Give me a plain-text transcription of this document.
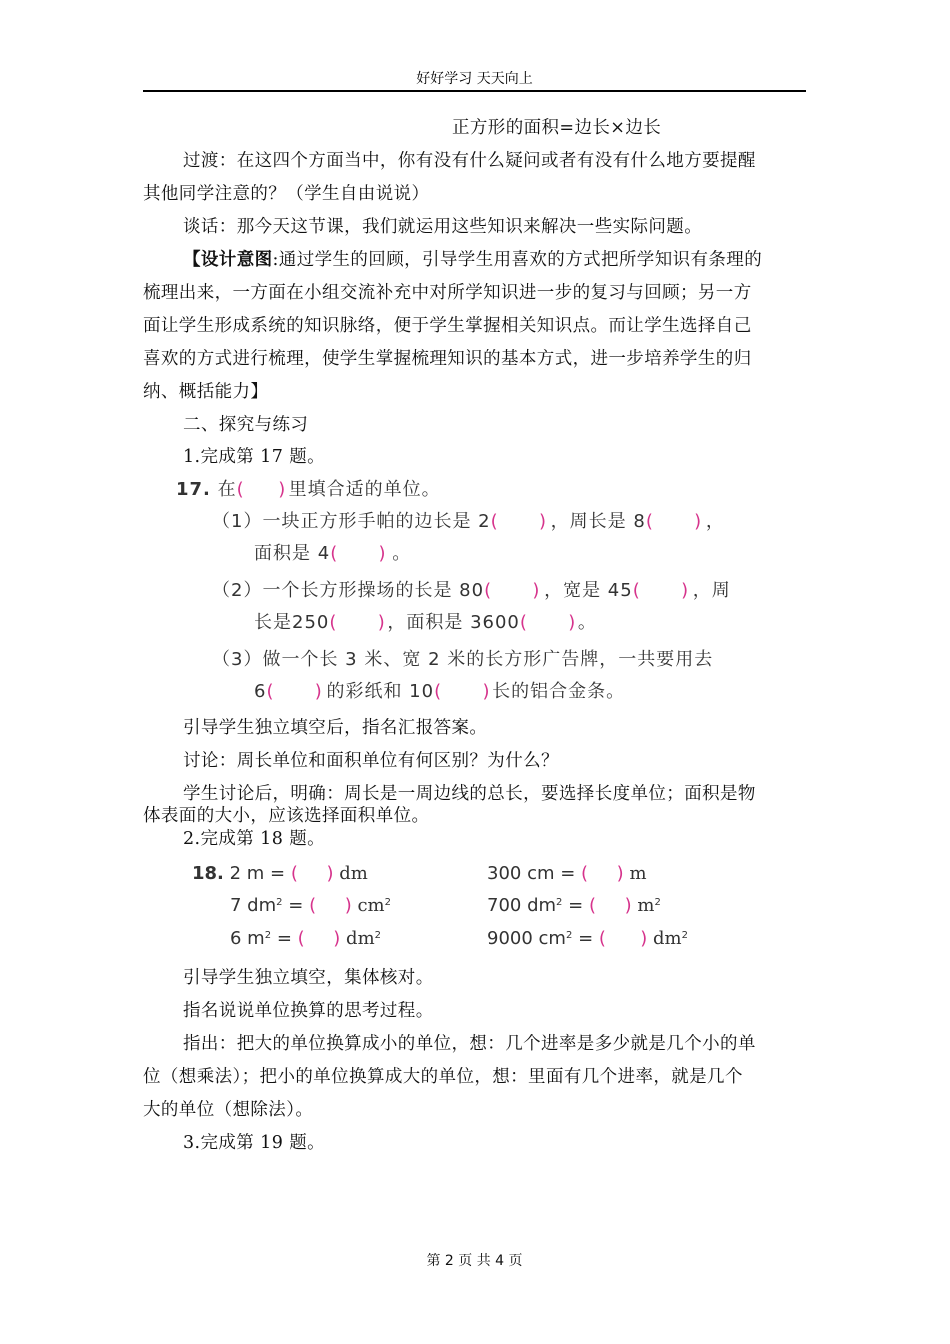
好好学习 天天向上
正方形的面积=边长×边长
过渡：在这四个方面当中，你有没有什么疑问或者有没有什么地方要提醒
其他同学注意的？（学生自由说说）
谈话：那今天这节课，我们就运用这些知识来解决一些实际问题。
【设计意图:通过学生的回顾，引导学生用喜欢的方式把所学知识有条理的
梳理出来，一方面在小组交流补充中对所学知识进一步的复习与回顾；另一方
面让学生形成系统的知识脉络，便于学生掌握相关知识点。而让学生选择自己
喜欢的方式进行梳理，使学生掌握梳理知识的基本方式，进一步培养学生的归
纳、概括能力】
二、探究与练习
1.完成第 17 题。
17. 在(     ) 里填合适的单位。
（1）一块正方形手帕的边长是 2(      ) ，周长是 8(      ) ，
面积是 4(      ) 。
（2）一个长方形操场的长是 80(      ) ，宽是 45(      ) ，周
长是250(      )，面积是 3600(      )。
（3）做一个长 3 米、宽 2 米的长方形广告牌，一共要用去
6(      ) 的彩纸和 10(      )长的铝合金条。
引导学生独立填空后，指名汇报答案。
讨论：周长单位和面积单位有何区别？为什么？
学生讨论后，明确：周长是一周边线的总长，要选择长度单位；面积是物
体表面的大小，应该选择面积单位。
2.完成第 18 题。
18. 2 m = (     ) dm	300 cm = (     ) m
7 $dm^2$ = (     ) $cm^2$	700 $dm^2$ = (     ) $m^2$
6 $m^2$ = (     ) $dm^2$	9000 $cm^2$ = (      ) $dm^2$
引导学生独立填空，集体核对。
指名说说单位换算的思考过程。
指出：把大的单位换算成小的单位，想：几个进率是多少就是几个小的单
位（想乘法）；把小的单位换算成大的单位，想：里面有几个进率，就是几个
大的单位（想除法）。
3.完成第 19 题。
第 2 页 共 4 页
